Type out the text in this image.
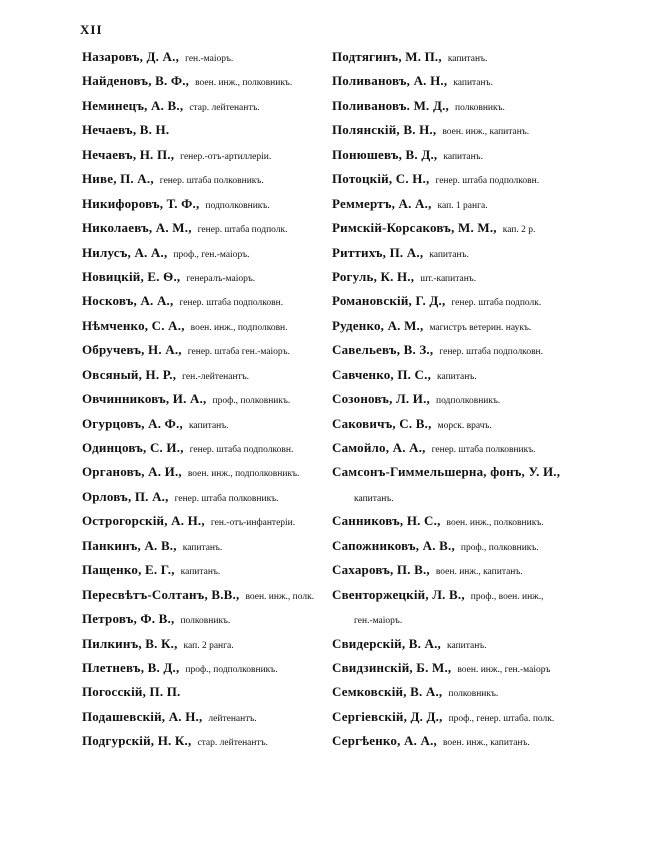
XII
Назаровъ, Д. А., ген.-маіоръ.
Найденовъ, В. Ф., воен. инж., полковникъ.
Неминецъ, А. В., стар. лейтенантъ.
Нечаевъ, В. Н.
Нечаевъ, Н. П., генер.-отъ-артиллеріи.
Ниве, П. А., генер. штаба полковникъ.
Никифоровъ, Т. Ф., подполковникъ.
Николаевъ, А. М., генер. штаба подполк.
Нилусъ, А. А., проф., ген.-маіоръ.
Новицкій, Е. Ѳ., генералъ-маіоръ.
Носковъ, А. А., генер. штаба подполковн.
Нѣмченко, С. А., воен. инж., подполковн.
Обручевъ, Н. А., генер. штаба ген.-маіоръ.
Овсяный, Н. Р., ген.-лейтенантъ.
Овчинниковъ, И. А., проф., полковникъ.
Огурцовъ, А. Ф., капитанъ.
Одинцовъ, С. И., генер. штаба подполковн.
Органовъ, А. И., воен. инж., подполковникъ.
Орловъ, П. А., генер. штаба полковникъ.
Острогорскій, А. Н., ген.-отъ-инфантеріи.
Панкинъ, А. В., капитанъ.
Пащенко, Е. Г., капитанъ.
Пересвѣтъ-Солтанъ, В.В., воен. инж., полк.
Петровъ, Ф. В., полковникъ.
Пилкинъ, В. К., кап. 2 ранга.
Плетневъ, В. Д., проф., подполковникъ.
Погосскій, П. П.
Подашевскій, А. Н., лейтенантъ.
Подгурскій, Н. К., стар. лейтенантъ.
Подтягинъ, М. П., капитанъ.
Поливановъ, А. Н., капитанъ.
Поливановъ. М. Д., полковникъ.
Полянскій, В. Н., воен. инж., капитанъ.
Понюшевъ, В. Д., капитанъ.
Потоцкій, С. Н., генер. штаба подполковн.
Реммертъ, А. А., кап. 1 ранга.
Римскій-Корсаковъ, М. М., кап. 2 р.
Риттихъ, П. А., капитанъ.
Рогуль, К. Н., шт.-капитанъ.
Романовскій, Г. Д., генер. штаба подполк.
Руденко, А. М., магистръ ветерин. наукъ.
Савельевъ, В. З., генер. штаба подполковн.
Савченко, П. С., капитанъ.
Созоновъ, Л. И., подполковникъ.
Саковичъ, С. В., морск. врачъ.
Самойло, А. А., генер. штаба полковникъ.
Самсонъ-Гиммельшерна, фонъ, У. И.,
капитанъ.
Санниковъ, Н. С., воен. инж., полковникъ.
Сапожниковъ, А. В., проф., полковникъ.
Сахаровъ, П. В., воен. инж., капитанъ.
Свенторжецкій, Л. В., проф., воен. инж.,
ген.-маіоръ.
Свидерскій, В. А., капитанъ.
Свидзинскій, Б. М., воен. инж., ген.-маіоръ
Семковскій, В. А., полковникъ.
Сергіевскій, Д. Д., проф., генер. штаба. полк.
Сергѣенко, А. А., воен. инж., капитанъ.
